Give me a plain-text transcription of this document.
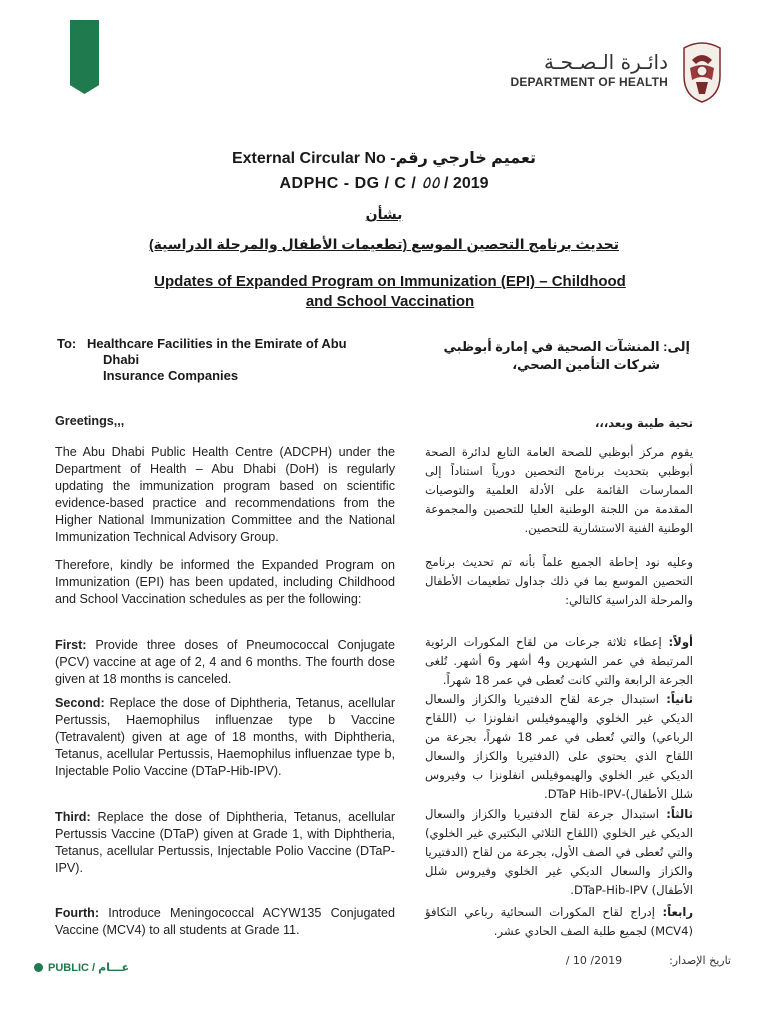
دائـرة الـصـحـة
DEPARTMENT OF HEALTH
External Circular No -تعميم خارجي رقم
ADPHC - DG / C / ٥٥ / 2019
بشأن
تحديث برنامج التحصين الموسع (تطعيمات الأطفال والمرحلة الدراسية)
Updates of Expanded Program on Immunization (EPI) – Childhood
and School Vaccination
To: Healthcare Facilities in the Emirate of Abu
Dhabi
Insurance Companies
إلى: المنشآت الصحية في إمارة أبوظبي
شركات التأمين الصحي،
Greetings,,,
The Abu Dhabi Public Health Centre (ADCPH) under the Department of Health – Abu Dhabi (DoH) is regularly updating the immunization program based on scientific evidence-based practice and recommendations from the Higher National Immunization Committee and the National Immunization Technical Advisory Group.
Therefore, kindly be informed the Expanded Program on Immunization (EPI) has been updated, including Childhood and School Vaccination schedules as per the following:
First: Provide three doses of Pneumococcal Conjugate (PCV) vaccine at age of 2, 4 and 6 months. The fourth dose given at 18 months is canceled.
Second: Replace the dose of Diphtheria, Tetanus, acellular Pertussis, Haemophilus influenzae type b Vaccine (Tetravalent) given at age of 18 months, with Diphtheria, Tetanus, acellular Pertussis, Haemophilus influenzae type b, Injectable Polio Vaccine (DTaP-Hib-IPV).
Third: Replace the dose of Diphtheria, Tetanus, acellular Pertussis Vaccine (DTaP) given at Grade 1, with Diphtheria, Tetanus, acellular Pertussis, Injectable Polio Vaccine (DTaP-IPV).
Fourth: Introduce Meningococcal ACYW135 Conjugated Vaccine (MCV4) to all students at Grade 11.
تحية طيبة وبعد،،،
يقوم مركز أبوظبي للصحة العامة التابع لدائرة الصحة أبوظبي بتحديث برنامج التحصين دورياً استناداً إلى الممارسات القائمة على الأدلة العلمية والتوصيات المقدمة من اللجنة الوطنية العليا للتحصين والمجموعة الوطنية الفنية الاستشارية للتحصين.
وعليه نود إحاطة الجميع علماً بأنه تم تحديث برنامج التحصين الموسع بما في ذلك جداول تطعيمات الأطفال والمرحلة الدراسية كالتالي:
أولاً: إعطاء ثلاثة جرعات من لقاح المكورات الرئوية المرتبطة في عمر الشهرين و4 أشهر و6 أشهر. تُلغى الجرعة الرابعة والتي كانت تُعطى في عمر 18 شهراً.
ثانياً: استبدال جرعة لقاح الدفتيريا والكزاز والسعال الديكي غير الخلوي والهيموفيلس انفلونزا ب (اللقاح الرباعي) والتي تُعطى في عمر 18 شهراً، بجرعة من اللقاح الذي يحتوي على (الدفتيريا والكزاز والسعال الديكي غير الخلوي والهيموفيلس انفلونزا ب وفيروس شلل الأطفال)-DTaP Hib-IPV.
ثالثاً: استبدال جرعة لقاح الدفتيريا والكزاز والسعال الديكي غير الخلوي (اللقاح الثلاثي البكتيري غير الخلوي) والتي تُعطى في الصف الأول، بجرعة من لقاح (الدفتيريا والكزاز والسعال الديكي غير الخلوي وفيروس شلل الأطفال) DTaP-Hib-IPV.
رابعاً: إدراج لقاح المكورات السحائية رباعي التكافؤ (MCV4) لجميع طلبة الصف الحادي عشر.
PUBLIC / عـــام
تاريخ الإصدار:  2019/ 10 /
